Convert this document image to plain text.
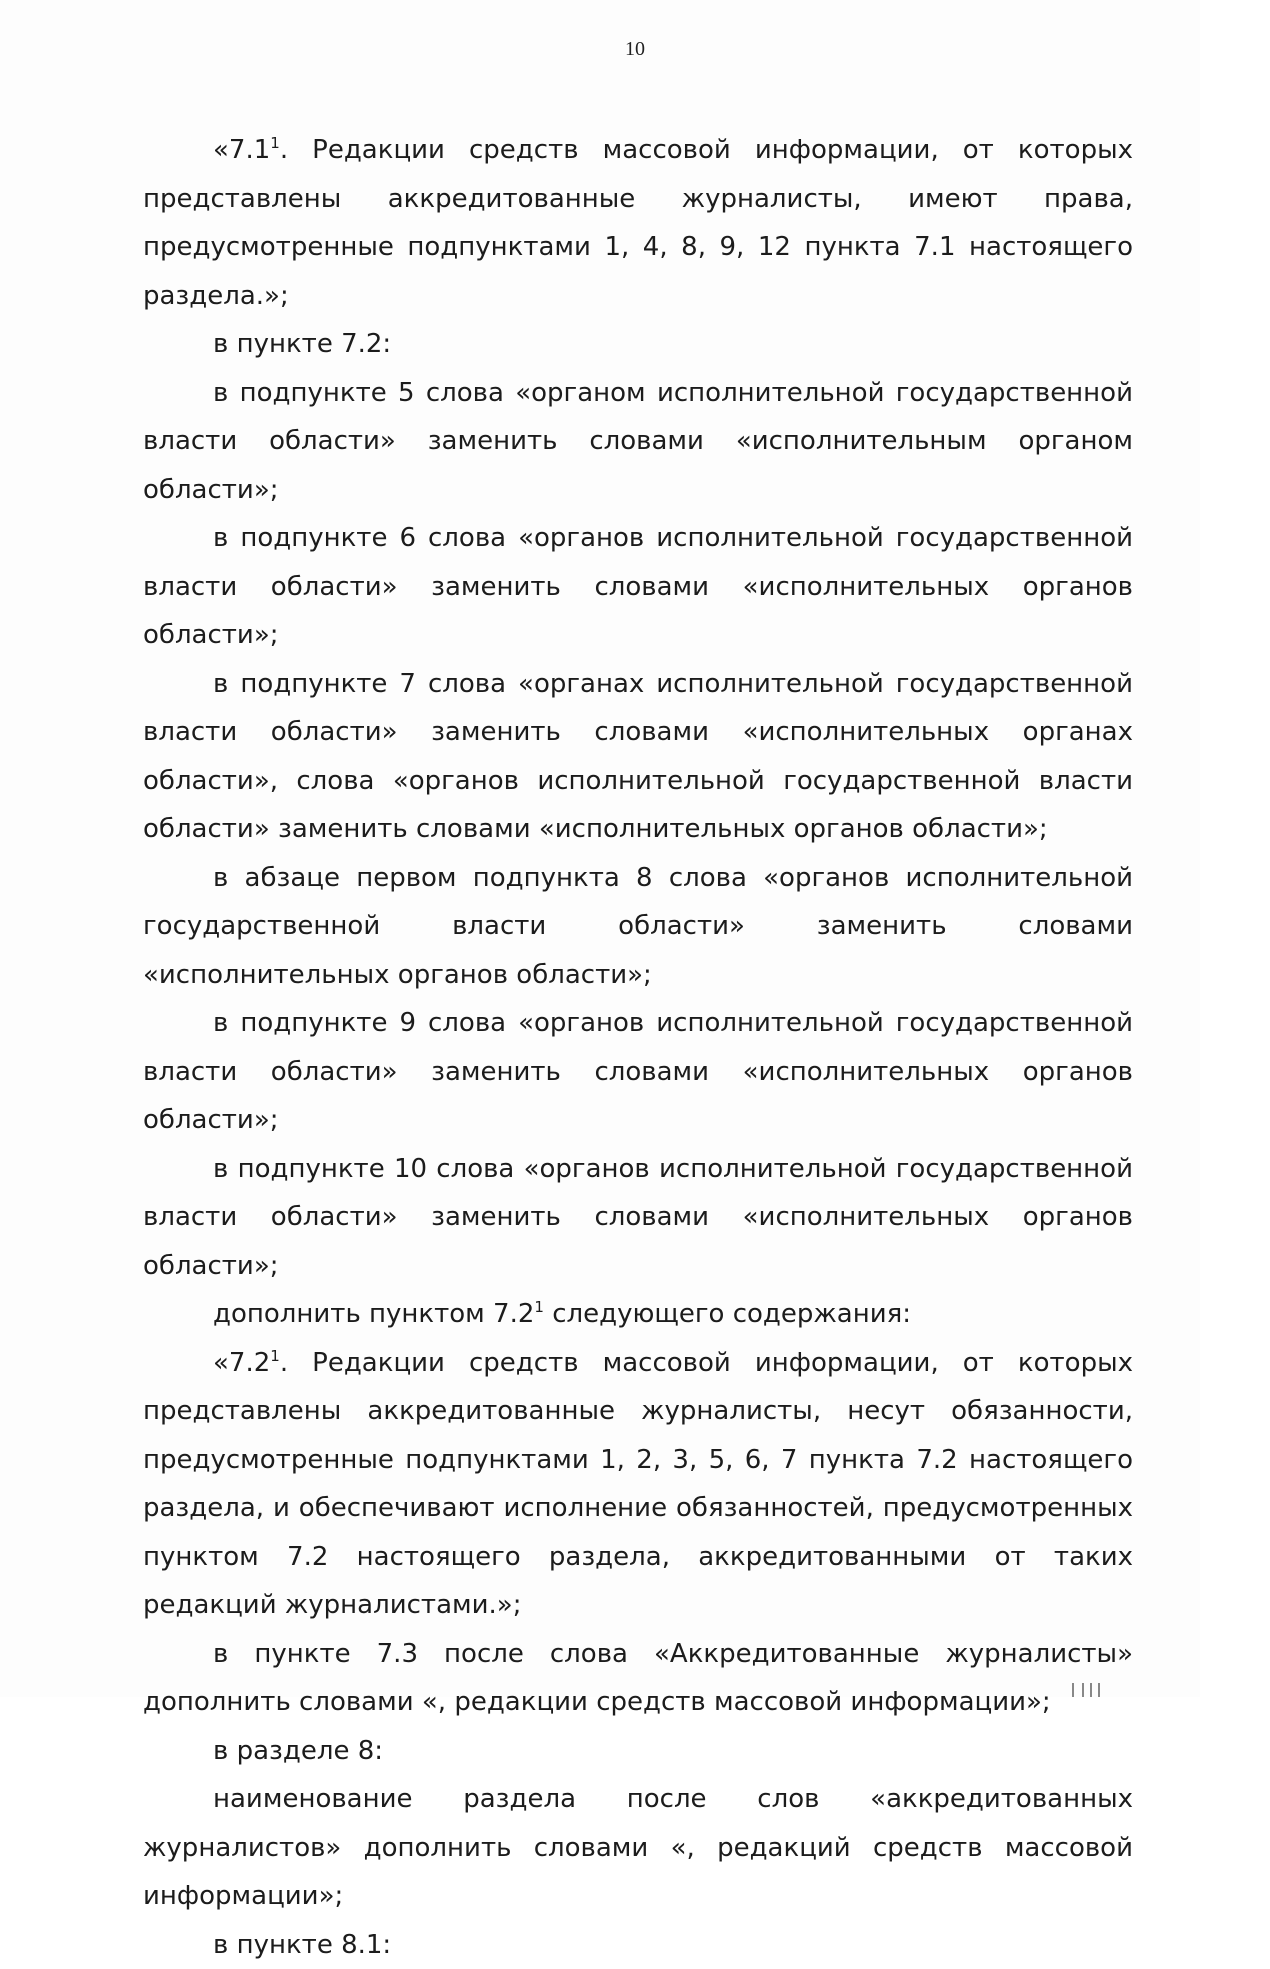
10

«$7.1^1$. Редакции средств массовой информации, от которых представлены аккредитованные журналисты, имеют права, предусмотренные подпунктами 1, 4, 8, 9, 12 пункта 7.1 настоящего раздела.»;

в пункте 7.2:

в подпункте 5 слова «органом исполнительной государственной власти области» заменить словами «исполнительным органом области»;

в подпункте 6 слова «органов исполнительной государственной власти области» заменить словами «исполнительных органов области»;

в подпункте 7 слова «органах исполнительной государственной власти области» заменить словами «исполнительных органах области», слова «органов исполнительной государственной власти области» заменить словами «исполнительных органов области»;

в абзаце первом подпункта 8 слова «органов исполнительной государственной власти области» заменить словами «исполнительных органов области»;

в подпункте 9 слова «органов исполнительной государственной власти области» заменить словами «исполнительных органов области»;

в подпункте 10 слова «органов исполнительной государственной власти области» заменить словами «исполнительных органов области»;

дополнить пунктом $7.2^1$ следующего содержания:

«$7.2^1$. Редакции средств массовой информации, от которых представлены аккредитованные журналисты, несут обязанности, предусмотренные подпунктами 1, 2, 3, 5, 6, 7 пункта 7.2 настоящего раздела, и обеспечивают исполнение обязанностей, предусмотренных пунктом 7.2 настоящего раздела, аккредитованными от таких редакций журналистами.»;

в пункте 7.3 после слова «Аккредитованные журналисты» дополнить словами «, редакции средств массовой информации»;

в разделе 8:

наименование раздела после слов «аккредитованных журналистов» дополнить словами «, редакций средств массовой информации»;

в пункте 8.1:
